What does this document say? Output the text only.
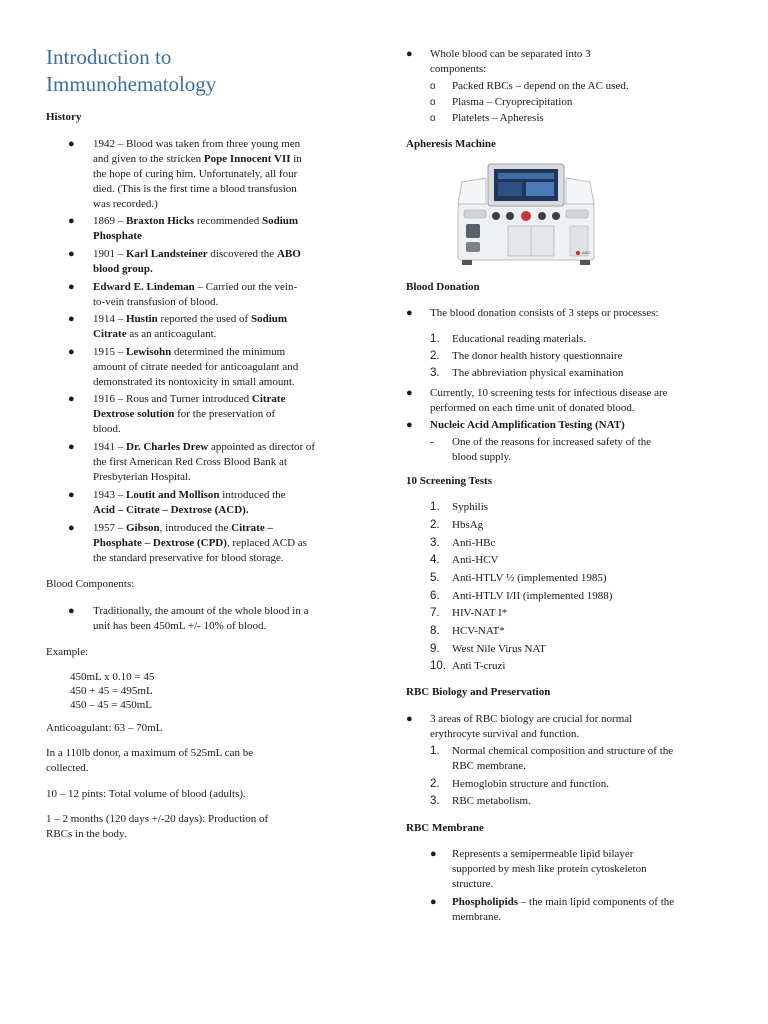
Introduction to
Immunohematology
History
● 1942 – Blood was taken from three young men
and given to the stricken Pope Innocent VII in
the hope of curing him. Unfortunately, all four
died. (This is the first time a blood transfusion
was recorded.)
● 1869 – Braxton Hicks recommended Sodium
Phosphate
● 1901 – Karl Landsteiner discovered the ABO
blood group.
● Edward E. Lindeman – Carried out the vein-
to-vein transfusion of blood.
● 1914 – Hustin reported the used of Sodium
Citrate as an anticoagulant.
● 1915 – Lewisohn determined the minimum
amount of citrate needed for anticoagulant and
demonstrated its nontoxicity in small amount.
● 1916 – Rous and Turner introduced Citrate
Dextrose solution for the preservation of
blood.
● 1941 – Dr. Charles Drew appointed as director of
the first American Red Cross Blood Bank at
Presbyterian Hospital.
● 1943 – Loutit and Mollison introduced the
Acid – Citrate – Dextrose (ACD).
● 1957 – Gibson, introduced the Citrate –
Phosphate – Dextrose (CPD), replaced ACD as
the standard preservative for blood storage.
Blood Components:
● Traditionally, the amount of the whole blood in a
unit has been 450mL +/- 10% of blood.
Example:
450mL x 0.10 = 45
450 + 45 = 495mL
450 – 45 = 450mL
Anticoagulant: 63 – 70mL
In a 110lb donor, a maximum of 525mL can be
collected.
10 – 12 pints: Total volume of blood (adults).
1 – 2 months (120 days +/-20 days): Production of
RBCs in the body.
● Whole blood can be separated into 3
components:
o Packed RBCs – depend on the AC used.
o Plasma – Cryoprecipitation
o Platelets – Apheresis
Apheresis Machine
ABO
Blood Donation
● The blood donation consists of 3 steps or processes:
1. Educational reading materials.
2. The donor health history questionnaire
3. The abbreviation physical examination
● Currently, 10 screening tests for infectious disease are
performed on each time unit of donated blood.
● Nucleic Acid Amplification Testing (NAT)
- One of the reasons for increased safety of the
blood supply.
10 Screening Tests
1. Syphilis
2. HbsAg
3. Anti-HBc
4. Anti-HCV
5. Anti-HTLV ½ (implemented 1985)
6. Anti-HTLV I/II (implemented 1988)
7. HIV-NAT I*
8. HCV-NAT*
9. West Nile Virus NAT
10. Anti T-cruzi
RBC Biology and Preservation
● 3 areas of RBC biology are crucial for normal
erythrocyte survival and function.
1. Normal chemical composition and structure of the
RBC membrane.
2. Hemoglobin structure and function.
3. RBC metabolism.
RBC Membrane
● Represents a semipermeable lipid bilayer
supported by mesh like protein cytoskeleton
structure.
● Phospholipids – the main lipid components of the
membrane.
